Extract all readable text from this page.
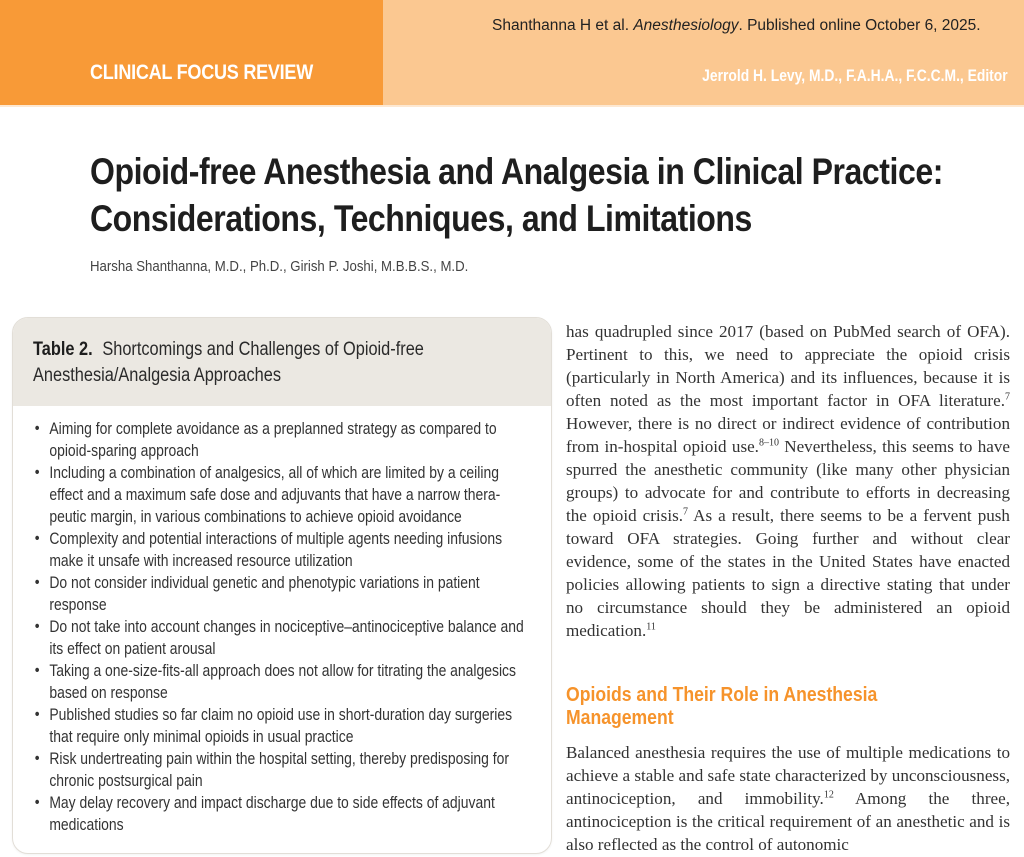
CLINICAL FOCUS REVIEW
Shanthanna H et al. Anesthesiology. Published online October 6, 2025.
Jerrold H. Levy, M.D., F.A.H.A., F.C.C.M., Editor
Opioid-free Anesthesia and Analgesia in Clinical Practice:
Considerations, Techniques, and Limitations
Harsha Shanthanna, M.D., Ph.D., Girish P. Joshi, M.B.B.S., M.D.
Table 2. Shortcomings and Challenges of Opioid-free Anesthesia/Analgesia Approaches
• Aiming for complete avoidance as a preplanned strategy as compared to opioid-sparing approach
• Including a combination of analgesics, all of which are limited by a ceiling effect and a maximum safe dose and adjuvants that have a narrow therapeutic margin, in various combinations to achieve opioid avoidance
• Complexity and potential interactions of multiple agents needing infusions make it unsafe with increased resource utilization
• Do not consider individual genetic and phenotypic variations in patient response
• Do not take into account changes in nociceptive–antinociceptive balance and its effect on patient arousal
• Taking a one-size-fits-all approach does not allow for titrating the analgesics based on response
• Published studies so far claim no opioid use in short-duration day surgeries that require only minimal opioids in usual practice
• Risk undertreating pain within the hospital setting, thereby predisposing for chronic postsurgical pain
• May delay recovery and impact discharge due to side effects of adjuvant medications

has quadrupled since 2017 (based on PubMed search of OFA). Pertinent to this, we need to appreciate the opioid crisis (particularly in North America) and its influences, because it is often noted as the most important factor in OFA literature.$^7$ However, there is no direct or indirect evidence of contribution from in-hospital opioid use.$^{8-10}$ Nevertheless, this seems to have spurred the anesthetic community (like many other physician groups) to advocate for and contribute to efforts in decreasing the opioid crisis.$^7$ As a result, there seems to be a fervent push toward OFA strategies. Going further and without clear evidence, some of the states in the United States have enacted policies allowing patients to sign a directive stating that under no circumstance should they be administered an opioid medication.$^{11}$

Opioids and Their Role in Anesthesia Management

Balanced anesthesia requires the use of multiple medications to achieve a stable and safe state characterized by unconsciousness, antinociception, and immobility.$^{12}$ Among the three, antinociception is the critical requirement of an anesthetic and is also reflected as the control of autonomic
